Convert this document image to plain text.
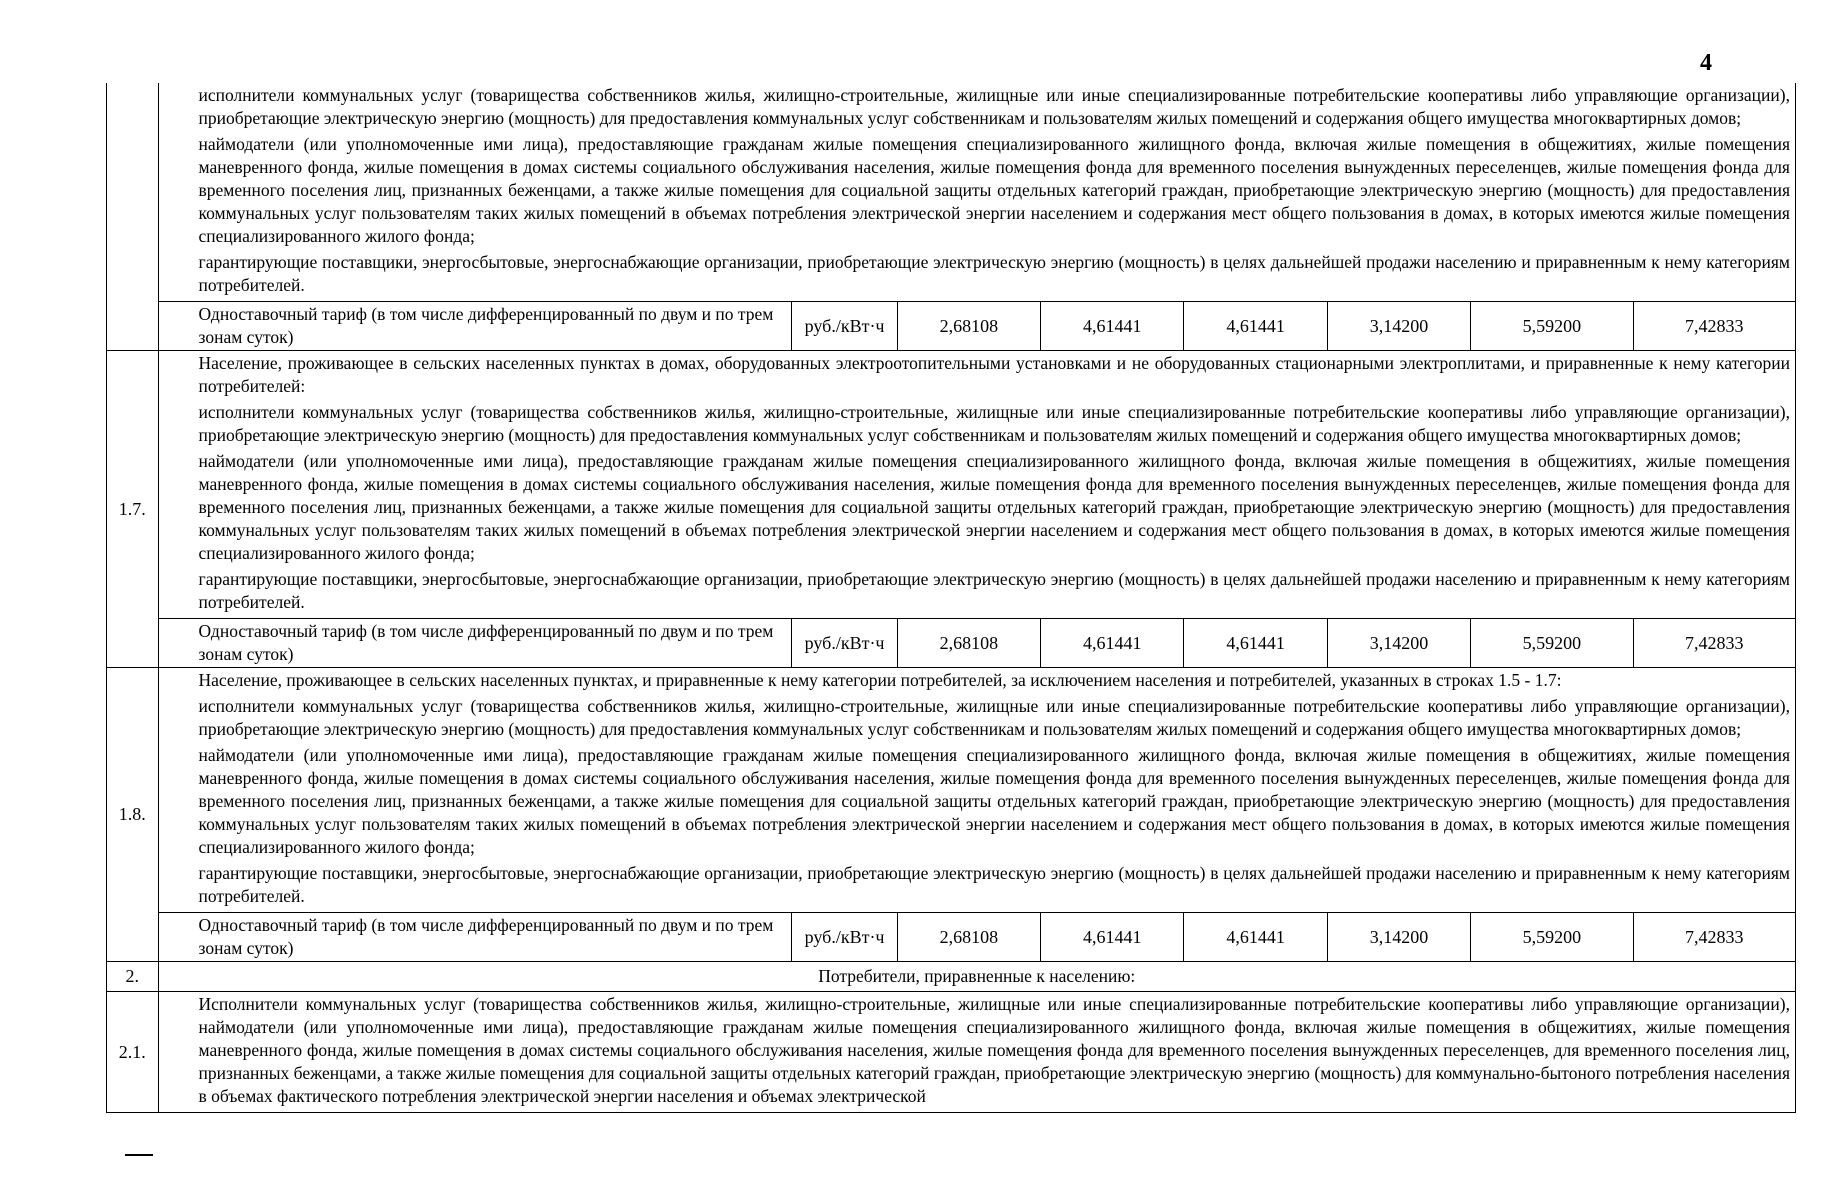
4

	исполнители коммунальных услуг (товарищества собственников жилья, жилищно-строительные, жилищные или иные специализированные потребительские кооперативы либо управляющие организации), приобретающие электрическую энергию (мощность) для предоставления коммунальных услуг собственникам и пользователям жилых помещений и содержания общего имущества многоквартирных домов;

наймодатели (или уполномоченные ими лица), предоставляющие гражданам жилые помещения специализированного жилищного фонда, включая жилые помещения в общежитиях, жилые помещения маневренного фонда, жилые помещения в домах системы социального обслуживания населения, жилые помещения фонда для временного поселения вынужденных переселенцев, жилые помещения фонда для временного поселения лиц, признанных беженцами, а также жилые помещения для социальной защиты отдельных категорий граждан, приобретающие электрическую энергию (мощность) для предоставления коммунальных услуг пользователям таких жилых помещений в объемах потребления электрической энергии населением и содержания мест общего пользования в домах, в которых имеются жилые помещения специализированного жилого фонда;

гарантирующие поставщики, энергосбытовые, энергоснабжающие организации, приобретающие электрическую энергию (мощность) в целях дальнейшей продажи населению и приравненным к нему категориям потребителей.							

	Одноставочный тариф (в том числе дифференцированный по двум и по трем зонам суток)	руб./кВт·ч	2,68108	4,61441	4,61441	3,14200	5,59200	7,42833
1.7.	Население, проживающее в сельских населенных пунктах в домах, оборудованных электроотопительными установками и не оборудованных стационарными электроплитами, и приравненные к нему категории потребителей:

исполнители коммунальных услуг (товарищества собственников жилья, жилищно-строительные, жилищные или иные специализированные потребительские кооперативы либо управляющие организации), приобретающие электрическую энергию (мощность) для предоставления коммунальных услуг собственникам и пользователям жилых помещений и содержания общего имущества многоквартирных домов;

наймодатели (или уполномоченные ими лица), предоставляющие гражданам жилые помещения специализированного жилищного фонда, включая жилые помещения в общежитиях, жилые помещения маневренного фонда, жилые помещения в домах системы социального обслуживания населения, жилые помещения фонда для временного поселения вынужденных переселенцев, жилые помещения фонда для временного поселения лиц, признанных беженцами, а также жилые помещения для социальной защиты отдельных категорий граждан, приобретающие электрическую энергию (мощность) для предоставления коммунальных услуг пользователям таких жилых помещений в объемах потребления электрической энергии населением и содержания мест общего пользования в домах, в которых имеются жилые помещения специализированного жилого фонда;

гарантирующие поставщики, энергосбытовые, энергоснабжающие организации, приобретающие электрическую энергию (мощность) в целях дальнейшей продажи населению и приравненным к нему категориям потребителей.							

	Одноставочный тариф (в том числе дифференцированный по двум и по трем зонам суток)	руб./кВт·ч	2,68108	4,61441	4,61441	3,14200	5,59200	7,42833
1.8.	Население, проживающее в сельских населенных пунктах, и приравненные к нему категории потребителей, за исключением населения и потребителей, указанных в строках 1.5 - 1.7:

исполнители коммунальных услуг (товарищества собственников жилья, жилищно-строительные, жилищные или иные специализированные потребительские кооперативы либо управляющие организации), приобретающие электрическую энергию (мощность) для предоставления коммунальных услуг собственникам и пользователям жилых помещений и содержания общего имущества многоквартирных домов;

наймодатели (или уполномоченные ими лица), предоставляющие гражданам жилые помещения специализированного жилищного фонда, включая жилые помещения в общежитиях, жилые помещения маневренного фонда, жилые помещения в домах системы социального обслуживания населения, жилые помещения фонда для временного поселения вынужденных переселенцев, жилые помещения фонда для временного поселения лиц, признанных беженцами, а также жилые помещения для социальной защиты отдельных категорий граждан, приобретающие электрическую энергию (мощность) для предоставления коммунальных услуг пользователям таких жилых помещений в объемах потребления электрической энергии населением и содержания мест общего пользования в домах, в которых имеются жилые помещения специализированного жилого фонда;

гарантирующие поставщики, энергосбытовые, энергоснабжающие организации, приобретающие электрическую энергию (мощность) в целях дальнейшей продажи населению и приравненным к нему категориям потребителей.							

	Одноставочный тариф (в том числе дифференцированный по двум и по трем зонам суток)	руб./кВт·ч	2,68108	4,61441	4,61441	3,14200	5,59200	7,42833
2.	Потребители, приравненные к населению:							
2.1.	Исполнители коммунальных услуг (товарищества собственников жилья, жилищно-строительные, жилищные или иные специализированные потребительские кооперативы либо управляющие организации), наймодатели (или уполномоченные ими лица), предоставляющие гражданам жилые помещения специализированного жилищного фонда, включая жилые помещения в общежитиях, жилые помещения маневренного фонда, жилые помещения в домах системы социального обслуживания населения, жилые помещения фонда для временного поселения вынужденных переселенцев, для временного поселения лиц, признанных беженцами, а также жилые помещения для социальной защиты отдельных категорий граждан, приобретающие электрическую энергию (мощность) для коммунально-бытоного потребления населения в объемах фактического потребления электрической энергии населения и объемах электрической							
